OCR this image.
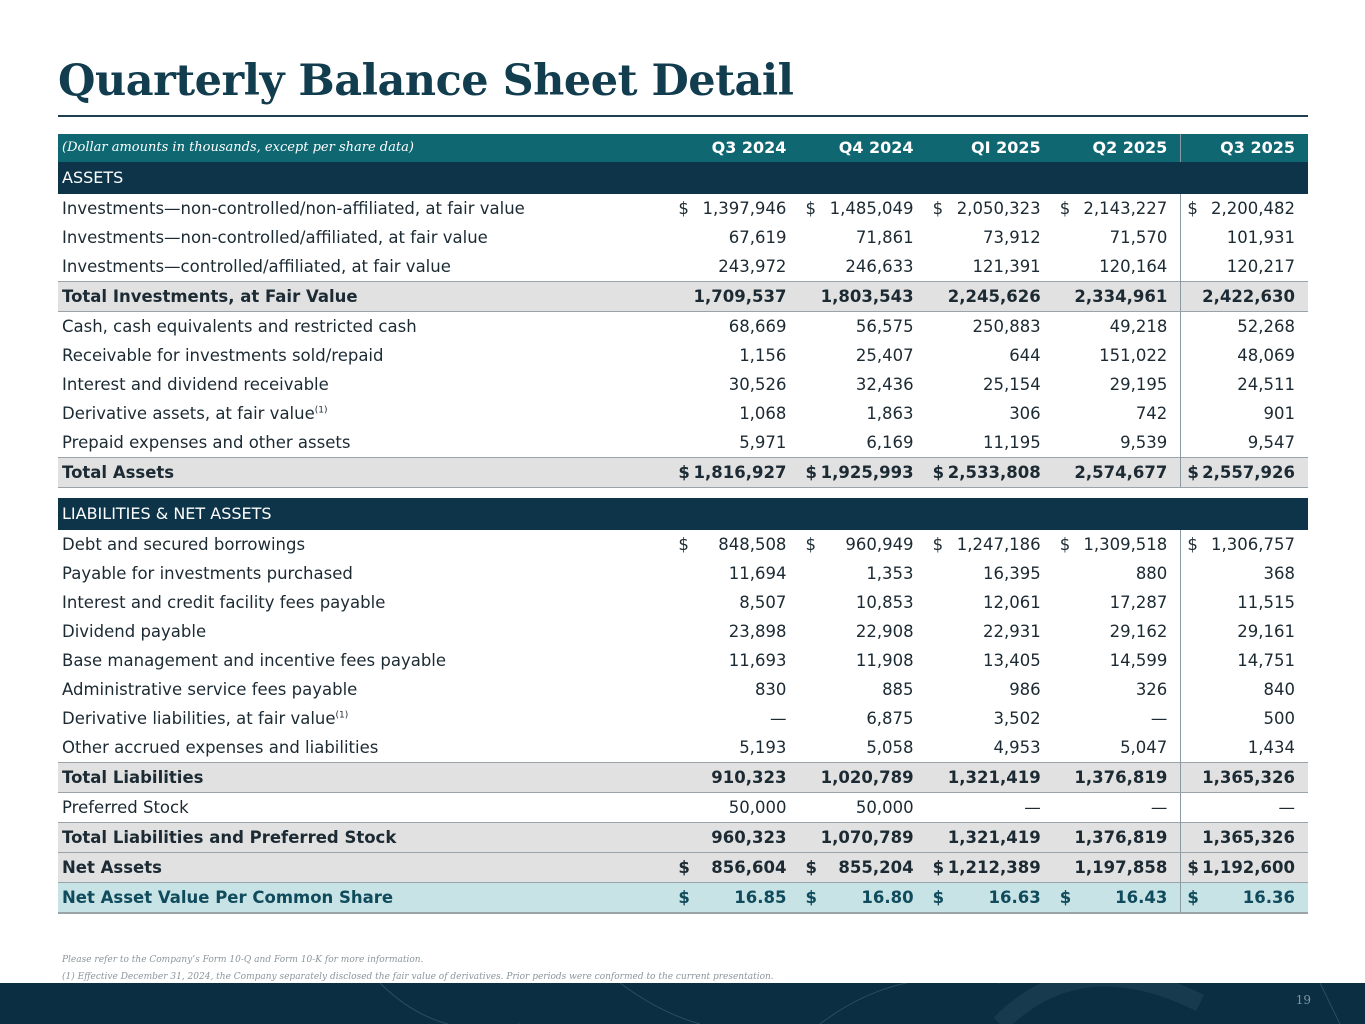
Quarterly Balance Sheet Detail
(Dollar amounts in thousands, except per share data)	Q3 2024	Q4 2024	QI 2025	Q2 2025	Q3 2025
ASSETS					
Investments—non-controlled/non-affiliated, at fair value	$ 1,397,946	$ 1,485,049	$ 2,050,323	$ 2,143,227	$ 2,200,482
Investments—non-controlled/affiliated, at fair value	67,619	71,861	73,912	71,570	101,931
Investments—controlled/affiliated, at fair value	243,972	246,633	121,391	120,164	120,217
Total Investments, at Fair Value	1,709,537	1,803,543	2,245,626	2,334,961	2,422,630
Cash, cash equivalents and restricted cash	68,669	56,575	250,883	49,218	52,268
Receivable for investments sold/repaid	1,156	25,407	644	151,022	48,069
Interest and dividend receivable	30,526	32,436	25,154	29,195	24,511
Derivative assets, at fair value$^{(1)}$	1,068	1,863	306	742	901
Prepaid expenses and other assets	5,971	6,169	11,195	9,539	9,547
Total Assets	$ 1,816,927	$ 1,925,993	$ 2,533,808	2,574,677	$ 2,557,926

LIABILITIES & NET ASSETS					
Debt and secured borrowings	$ 848,508	$ 960,949	$ 1,247,186	$ 1,309,518	$ 1,306,757
Payable for investments purchased	11,694	1,353	16,395	880	368
Interest and credit facility fees payable	8,507	10,853	12,061	17,287	11,515
Dividend payable	23,898	22,908	22,931	29,162	29,161
Base management and incentive fees payable	11,693	11,908	13,405	14,599	14,751
Administrative service fees payable	830	885	986	326	840
Derivative liabilities, at fair value$^{(1)}$	—	6,875	3,502	—	500
Other accrued expenses and liabilities	5,193	5,058	4,953	5,047	1,434
Total Liabilities	910,323	1,020,789	1,321,419	1,376,819	1,365,326
Preferred Stock	50,000	50,000	—	—	—
Total Liabilities and Preferred Stock	960,323	1,070,789	1,321,419	1,376,819	1,365,326
Net Assets	$ 856,604	$ 855,204	$ 1,212,389	1,197,858	$ 1,192,600
Net Asset Value Per Common Share	$ 16.85	$ 16.80	$ 16.63	$ 16.43	$ 16.36
Please refer to the Company’s Form 10-Q and Form 10-K for more information.
(1) Effective December 31, 2024, the Company separately disclosed the fair value of derivatives. Prior periods were conformed to the current presentation.
19
